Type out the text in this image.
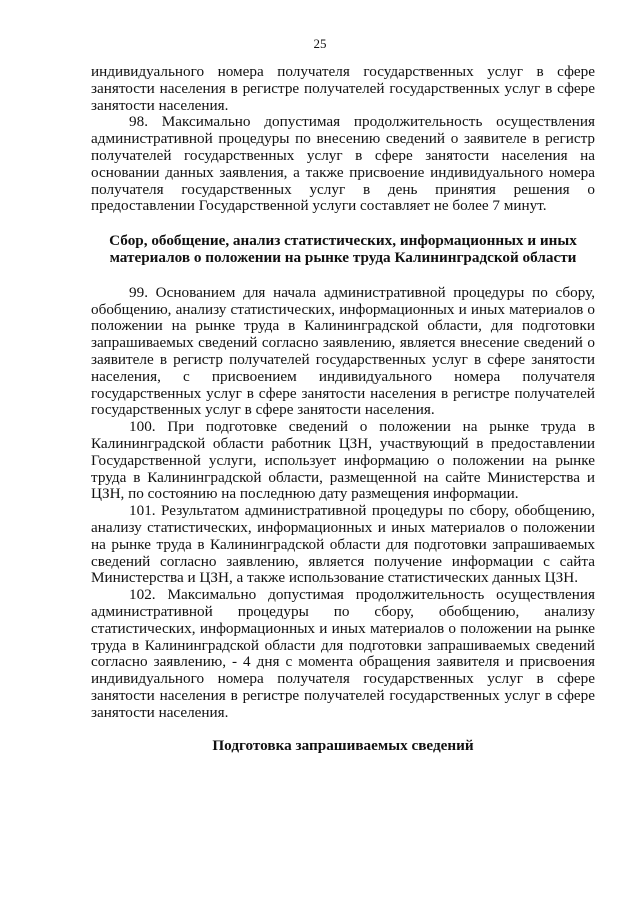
25

индивидуального номера получателя государственных услуг в сфере занятости населения в регистре получателей государственных услуг в сфере занятости населения.

98. Максимально допустимая продолжительность осуществления административной процедуры по внесению сведений о заявителе в регистр получателей государственных услуг в сфере занятости населения на основании данных заявления, а также присвоение индивидуального номера получателя государственных услуг в день принятия решения о предоставлении Государственной услуги составляет не более 7 минут.

Сбор, обобщение, анализ статистических, информационных и иных материалов о положении на рынке труда Калининградской области

99. Основанием для начала административной процедуры по сбору, обобщению, анализу статистических, информационных и иных материалов о положении на рынке труда в Калининградской области, для подготовки запрашиваемых сведений согласно заявлению, является внесение сведений о заявителе в регистр получателей государственных услуг в сфере занятости населения, с присвоением индивидуального номера получателя государственных услуг в сфере занятости населения в регистре получателей государственных услуг в сфере занятости населения.

100. При подготовке сведений о положении на рынке труда в Калининградской области работник ЦЗН, участвующий в предоставлении Государственной услуги, использует информацию о положении на рынке труда в Калининградской области, размещенной на сайте Министерства и ЦЗН, по состоянию на последнюю дату размещения информации.

101. Результатом административной процедуры по сбору, обобщению, анализу статистических, информационных и иных материалов о положении на рынке труда в Калининградской области для подготовки запрашиваемых сведений согласно заявлению, является получение информации с сайта Министерства и ЦЗН, а также использование статистических данных ЦЗН.

102. Максимально допустимая продолжительность осуществления административной процедуры по сбору, обобщению, анализу статистических, информационных и иных материалов о положении на рынке труда в Калининградской области для подготовки запрашиваемых сведений согласно заявлению, - 4 дня с момента обращения заявителя и присвоения индивидуального номера получателя государственных услуг в сфере занятости населения в регистре получателей государственных услуг в сфере занятости населения.

Подготовка запрашиваемых сведений
